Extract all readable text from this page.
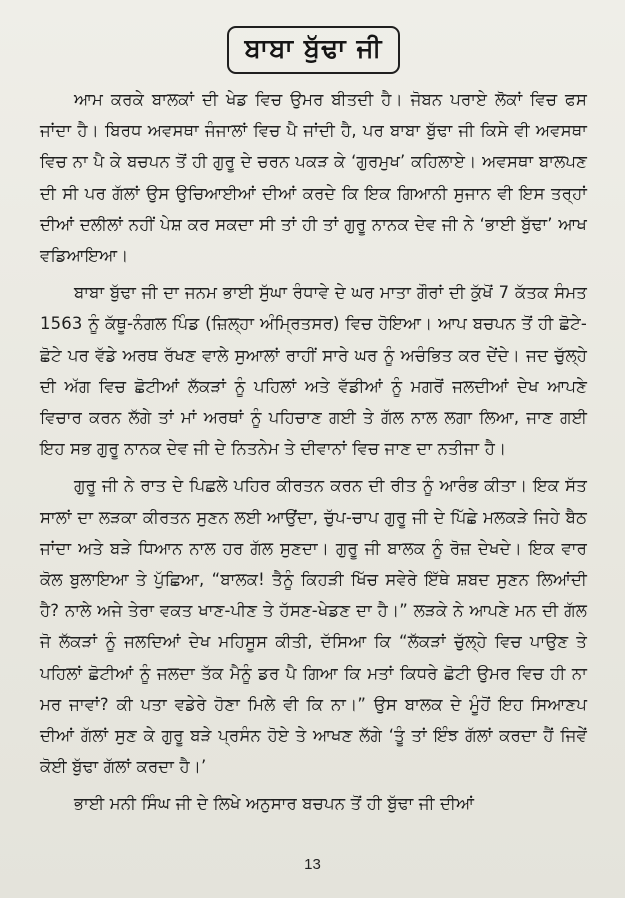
ਬਾਬਾ ਬੁੱਢਾ ਜੀ

ਆਮ ਕਰਕੇ ਬਾਲਕਾਂ ਦੀ ਖੇਡ ਵਿਚ ਉਮਰ ਬੀਤਦੀ ਹੈ। ਜੋਬਨ ਪਰਾਏ ਲੋਕਾਂ ਵਿਚ ਫਸ ਜਾਂਦਾ ਹੈ। ਬਿਰਧ ਅਵਸਥਾ ਜੰਜਾਲਾਂ ਵਿਚ ਪੈ ਜਾਂਦੀ ਹੈ, ਪਰ ਬਾਬਾ ਬੁੱਢਾ ਜੀ ਕਿਸੇ ਵੀ ਅਵਸਥਾ ਵਿਚ ਨਾ ਪੈ ਕੇ ਬਚਪਨ ਤੋਂ ਹੀ ਗੁਰੂ ਦੇ ਚਰਨ ਪਕੜ ਕੇ ‘ਗੁਰਮੁਖ’ ਕਹਿਲਾਏ। ਅਵਸਥਾ ਬਾਲਪਣ ਦੀ ਸੀ ਪਰ ਗੱਲਾਂ ਉਸ ਉਚਿਆਈਆਂ ਦੀਆਂ ਕਰਦੇ ਕਿ ਇਕ ਗਿਆਨੀ ਸੁਜਾਨ ਵੀ ਇਸ ਤਰ੍ਹਾਂ ਦੀਆਂ ਦਲੀਲਾਂ ਨਹੀਂ ਪੇਸ਼ ਕਰ ਸਕਦਾ ਸੀ ਤਾਂ ਹੀ ਤਾਂ ਗੁਰੂ ਨਾਨਕ ਦੇਵ ਜੀ ਨੇ ‘ਭਾਈ ਬੁੱਢਾ’ ਆਖ ਵਡਿਆਇਆ।

ਬਾਬਾ ਬੁੱਢਾ ਜੀ ਦਾ ਜਨਮ ਭਾਈ ਸੁੱਘਾ ਰੰਧਾਵੇ ਦੇ ਘਰ ਮਾਤਾ ਗੌਰਾਂ ਦੀ ਕੁੱਖੋਂ 7 ਕੱਤਕ ਸੰਮਤ 1563 ਨੂੰ ਕੱਥੂ-ਨੰਗਲ ਪਿੰਡ (ਜ਼ਿਲ੍ਹਾ ਅੰਮ੍ਰਿਤਸਰ) ਵਿਚ ਹੋਇਆ। ਆਪ ਬਚਪਨ ਤੋਂ ਹੀ ਛੋਟੇ-ਛੋਟੇ ਪਰ ਵੱਡੇ ਅਰਥ ਰੱਖਣ ਵਾਲੇ ਸੁਆਲਾਂ ਰਾਹੀਂ ਸਾਰੇ ਘਰ ਨੂੰ ਅਚੰਭਿਤ ਕਰ ਦੇਂਦੇ। ਜਦ ਚੁੱਲ੍ਹੇ ਦੀ ਅੱਗ ਵਿਚ ਛੋਟੀਆਂ ਲੱਕੜਾਂ ਨੂੰ ਪਹਿਲਾਂ ਅਤੇ ਵੱਡੀਆਂ ਨੂੰ ਮਗਰੋਂ ਜਲਦੀਆਂ ਦੇਖ ਆਪਣੇ ਵਿਚਾਰ ਕਰਨ ਲੱਗੇ ਤਾਂ ਮਾਂ ਅਰਥਾਂ ਨੂੰ ਪਹਿਚਾਣ ਗਈ ਤੇ ਗੱਲ ਨਾਲ ਲਗਾ ਲਿਆ, ਜਾਣ ਗਈ ਇਹ ਸਭ ਗੁਰੂ ਨਾਨਕ ਦੇਵ ਜੀ ਦੇ ਨਿਤਨੇਮ ਤੇ ਦੀਵਾਨਾਂ ਵਿਚ ਜਾਣ ਦਾ ਨਤੀਜਾ ਹੈ।

ਗੁਰੂ ਜੀ ਨੇ ਰਾਤ ਦੇ ਪਿਛਲੇ ਪਹਿਰ ਕੀਰਤਨ ਕਰਨ ਦੀ ਰੀਤ ਨੂੰ ਆਰੰਭ ਕੀਤਾ। ਇਕ ਸੱਤ ਸਾਲਾਂ ਦਾ ਲੜਕਾ ਕੀਰਤਨ ਸੁਣਨ ਲਈ ਆਉਂਦਾ, ਚੁੱਪ-ਚਾਪ ਗੁਰੂ ਜੀ ਦੇ ਪਿੱਛੇ ਮਲਕੜੇ ਜਿਹੇ ਬੈਠ ਜਾਂਦਾ ਅਤੇ ਬੜੇ ਧਿਆਨ ਨਾਲ ਹਰ ਗੱਲ ਸੁਣਦਾ। ਗੁਰੂ ਜੀ ਬਾਲਕ ਨੂੰ ਰੋਜ਼ ਦੇਖਦੇ। ਇਕ ਵਾਰ ਕੋਲ ਬੁਲਾਇਆ ਤੇ ਪੁੱਛਿਆ, “ਬਾਲਕ! ਤੈਨੂੰ ਕਿਹੜੀ ਖਿੱਚ ਸਵੇਰੇ ਇੱਥੇ ਸ਼ਬਦ ਸੁਣਨ ਲਿਆਂਦੀ ਹੈ? ਨਾਲੇ ਅਜੇ ਤੇਰਾ ਵਕਤ ਖਾਣ-ਪੀਣ ਤੇ ਹੱਸਣ-ਖੇਡਣ ਦਾ ਹੈ।” ਲੜਕੇ ਨੇ ਆਪਣੇ ਮਨ ਦੀ ਗੱਲ ਜੋ ਲੱਕੜਾਂ ਨੂੰ ਜਲਦਿਆਂ ਦੇਖ ਮਹਿਸੂਸ ਕੀਤੀ, ਦੱਸਿਆ ਕਿ “ਲੱਕੜਾਂ ਚੁੱਲ੍ਹੇ ਵਿਚ ਪਾਉਣ ਤੇ ਪਹਿਲਾਂ ਛੋਟੀਆਂ ਨੂੰ ਜਲਦਾ ਤੱਕ ਮੈਨੂੰ ਡਰ ਪੈ ਗਿਆ ਕਿ ਮਤਾਂ ਕਿਧਰੇ ਛੋਟੀ ਉਮਰ ਵਿਚ ਹੀ ਨਾ ਮਰ ਜਾਵਾਂ? ਕੀ ਪਤਾ ਵਡੇਰੇ ਹੋਣਾ ਮਿਲੇ ਵੀ ਕਿ ਨਾ।” ਉਸ ਬਾਲਕ ਦੇ ਮੂੰਹੋਂ ਇਹ ਸਿਆਣਪ ਦੀਆਂ ਗੱਲਾਂ ਸੁਣ ਕੇ ਗੁਰੂ ਬੜੇ ਪ੍ਰਸੰਨ ਹੋਏ ਤੇ ਆਖਣ ਲੱਗੇ ‘ਤੂੰ ਤਾਂ ਇੰਝ ਗੱਲਾਂ ਕਰਦਾ ਹੈਂ ਜਿਵੇਂ ਕੋਈ ਬੁੱਢਾ ਗੱਲਾਂ ਕਰਦਾ ਹੈ।’

ਭਾਈ ਮਨੀ ਸਿੰਘ ਜੀ ਦੇ ਲਿਖੇ ਅਨੁਸਾਰ ਬਚਪਨ ਤੋਂ ਹੀ ਬੁੱਢਾ ਜੀ ਦੀਆਂ

13
